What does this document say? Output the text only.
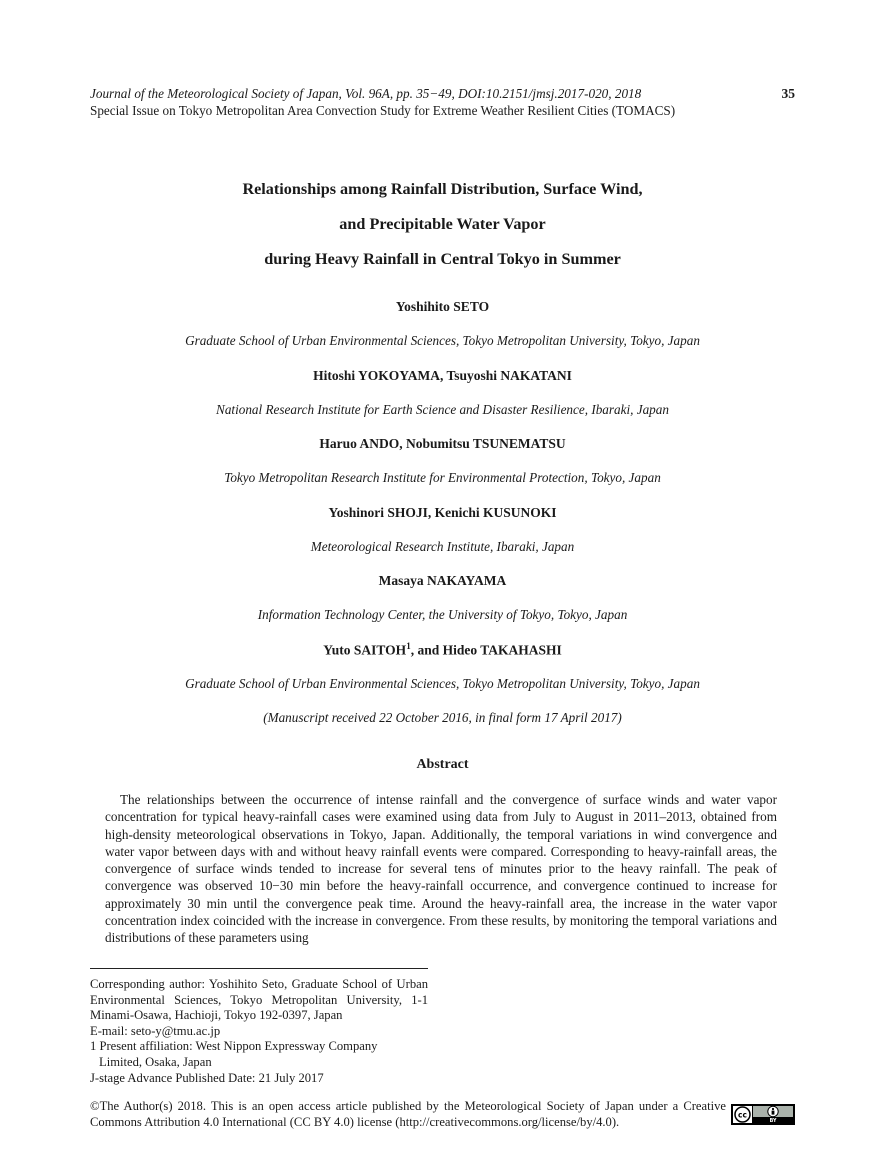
Journal of the Meteorological Society of Japan, Vol. 96A, pp. 35−49, DOI:10.2151/jmsj.2017-020, 2018	35
Special Issue on Tokyo Metropolitan Area Convection Study for Extreme Weather Resilient Cities (TOMACS)
Relationships among Rainfall Distribution, Surface Wind,
and Precipitable Water Vapor
during Heavy Rainfall in Central Tokyo in Summer
Yoshihito SETO
Graduate School of Urban Environmental Sciences, Tokyo Metropolitan University, Tokyo, Japan
Hitoshi YOKOYAMA, Tsuyoshi NAKATANI
National Research Institute for Earth Science and Disaster Resilience, Ibaraki, Japan
Haruo ANDO, Nobumitsu TSUNEMATSU
Tokyo Metropolitan Research Institute for Environmental Protection, Tokyo, Japan
Yoshinori SHOJI, Kenichi KUSUNOKI
Meteorological Research Institute, Ibaraki, Japan
Masaya NAKAYAMA
Information Technology Center, the University of Tokyo, Tokyo, Japan
Yuto SAITOH$^1$, and Hideo TAKAHASHI
Graduate School of Urban Environmental Sciences, Tokyo Metropolitan University, Tokyo, Japan
(Manuscript received 22 October 2016, in final form 17 April 2017)
Abstract

The relationships between the occurrence of intense rainfall and the convergence of surface winds and water vapor concentration for typical heavy-rainfall cases were examined using data from July to August in 2011–2013, obtained from high-density meteorological observations in Tokyo, Japan. Additionally, the temporal variations in wind convergence and water vapor between days with and without heavy rainfall events were compared. Corresponding to heavy-rainfall areas, the convergence of surface winds tended to increase for several tens of minutes prior to the heavy rainfall. The peak of convergence was observed 10−30 min before the heavy-rainfall occurrence, and convergence continued to increase for approximately 30 min until the convergence peak time. Around the heavy-rainfall area, the increase in the water vapor concentration index coincided with the increase in convergence. From these results, by monitoring the temporal variations and distributions of these parameters using

Corresponding author: Yoshihito Seto, Graduate School of Urban Environmental Sciences, Tokyo Metropolitan University, 1-1 Minami-Osawa, Hachioji, Tokyo 192-0397, Japan

E-mail: seto-y@tmu.ac.jp

1 Present affiliation: West Nippon Expressway Company

Limited, Osaka, Japan

J-stage Advance Published Date: 21 July 2017

©The Author(s) 2018. This is an open access article published by the Meteorological Society of Japan under a Creative Commons Attribution 4.0 International (CC BY 4.0) license (http://creativecommons.org/license/by/4.0).	cc
BY
